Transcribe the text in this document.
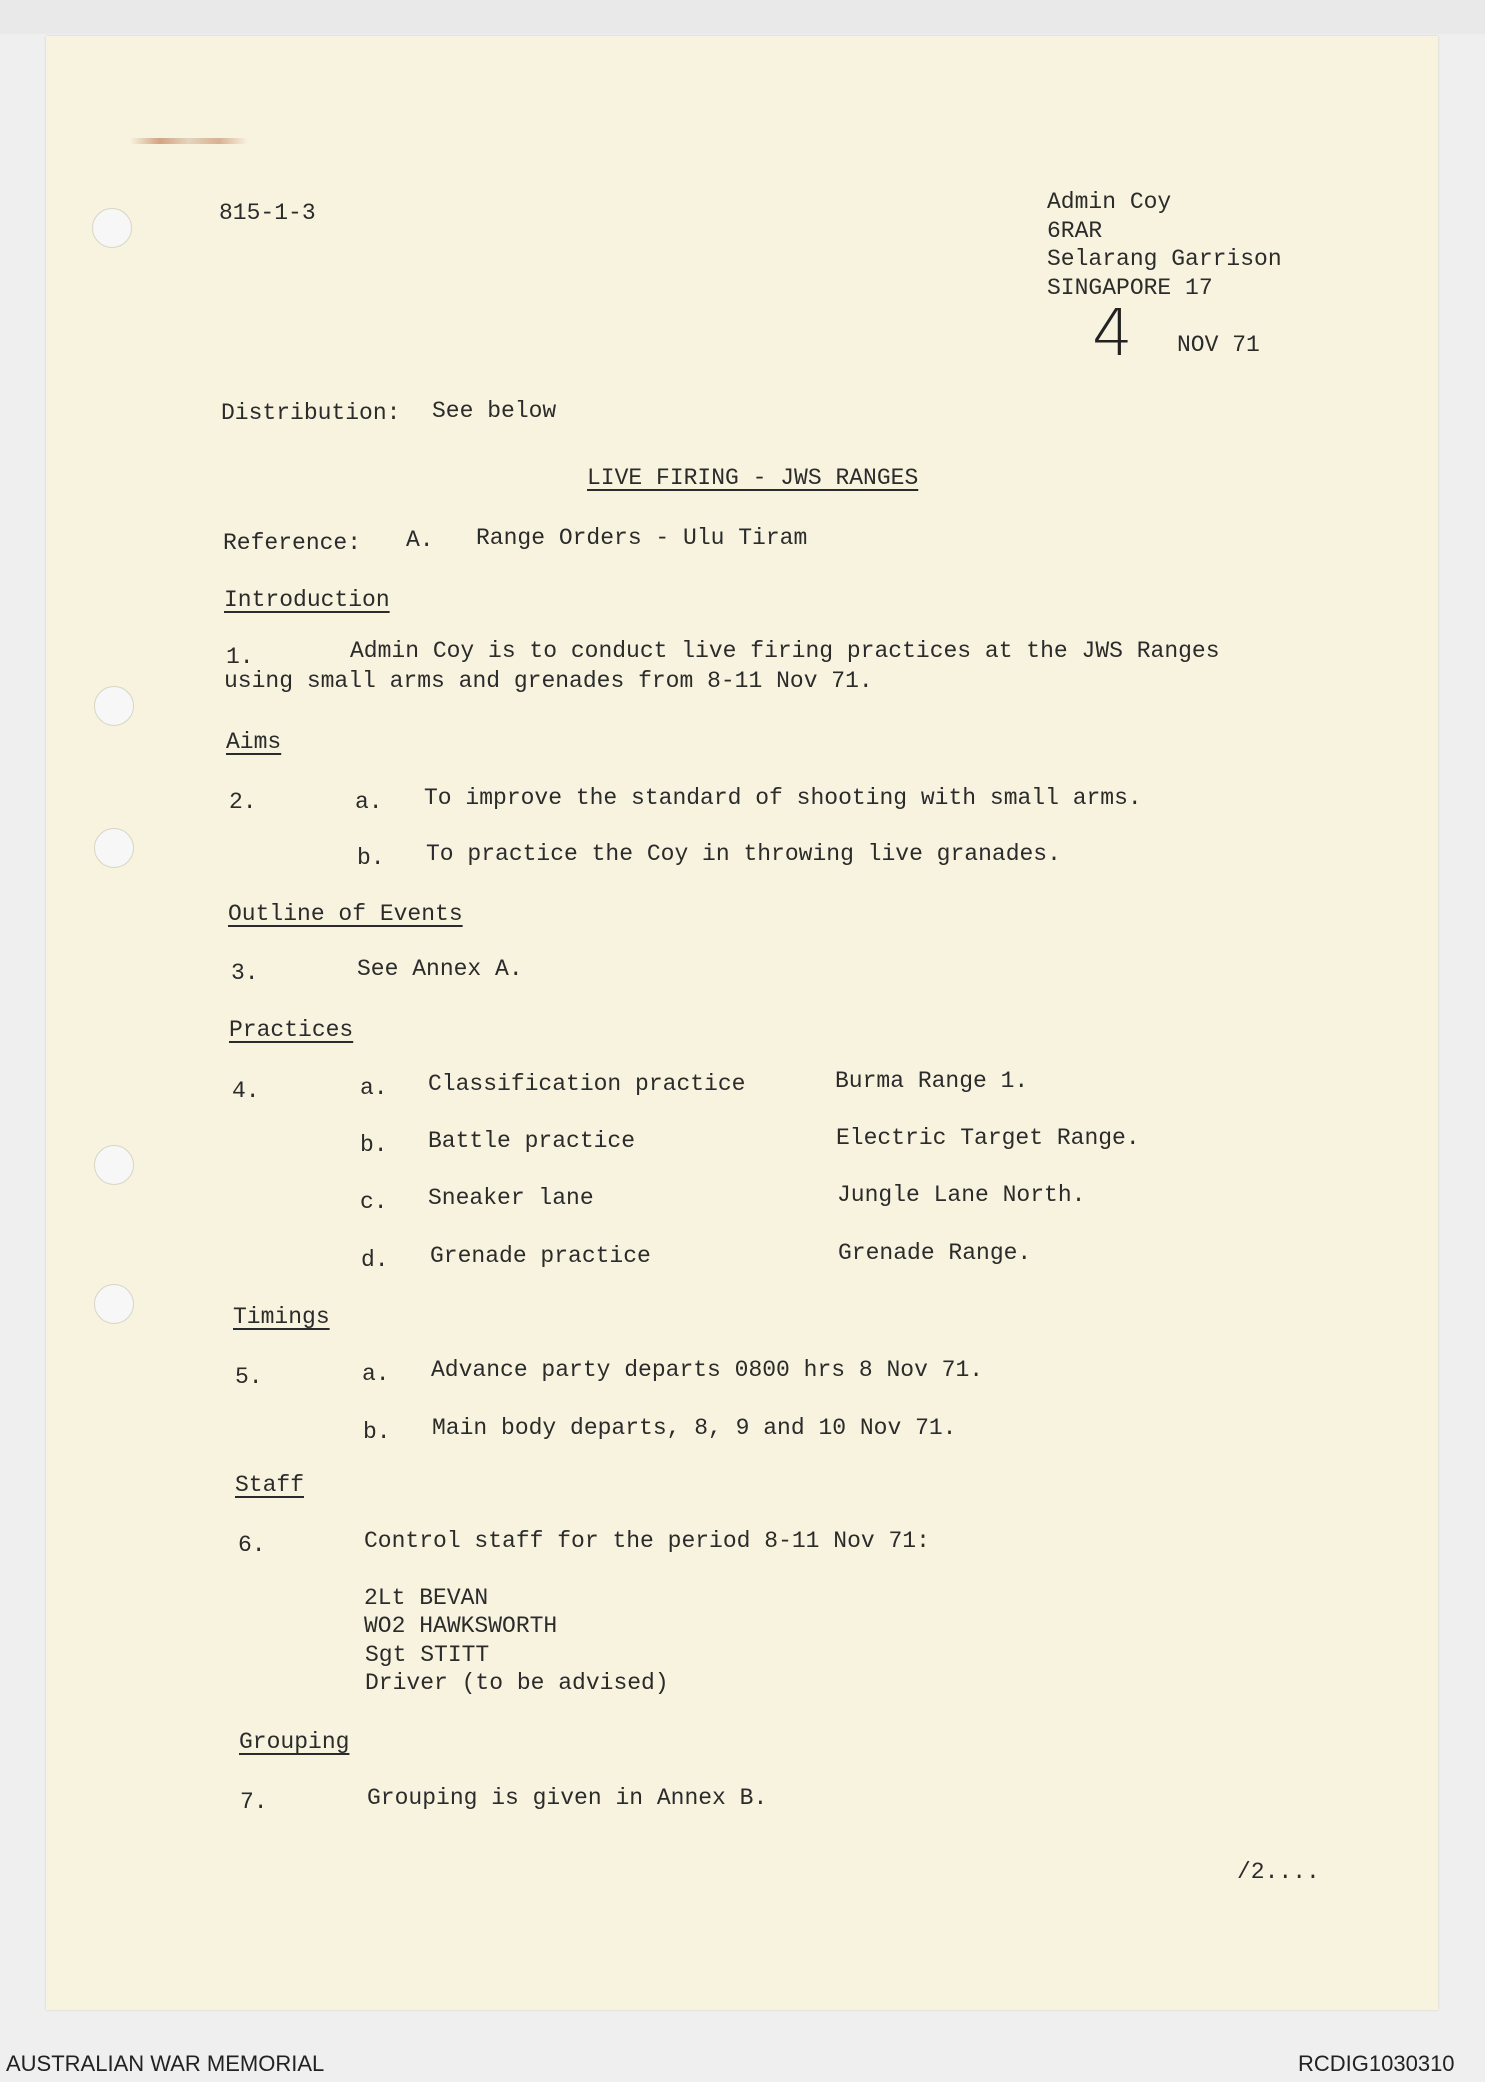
815-1-3	Admin Coy
6RAR
Selarang Garrison
SINGAPORE 17
4 NOV 71
Distribution: See below
LIVE FIRING - JWS RANGES
Reference: A. Range Orders - Ulu Tiram
Introduction
1.	Admin Coy is to conduct live firing practices at the JWS Ranges
using small arms and grenades from 8-11 Nov 71.
Aims
2.	a. To improve the standard of shooting with small arms.
b. To practice the Coy in throwing live granades.
Outline of Events
3.	See Annex A.
Practices
4.	a. Classification practice	Burma Range 1.
b. Battle practice	Electric Target Range.
c. Sneaker lane	Jungle Lane North.
d. Grenade practice	Grenade Range.
Timings
5.	a. Advance party departs 0800 hrs 8 Nov 71.
b. Main body departs, 8, 9 and 10 Nov 71.
Staff
6.	Control staff for the period 8-11 Nov 71:
2Lt BEVAN
WO2 HAWKSWORTH
Sgt STITT
Driver (to be advised)
Grouping
7.	Grouping is given in Annex B.
/2....
AUSTRALIAN WAR MEMORIAL	RCDIG1030310
